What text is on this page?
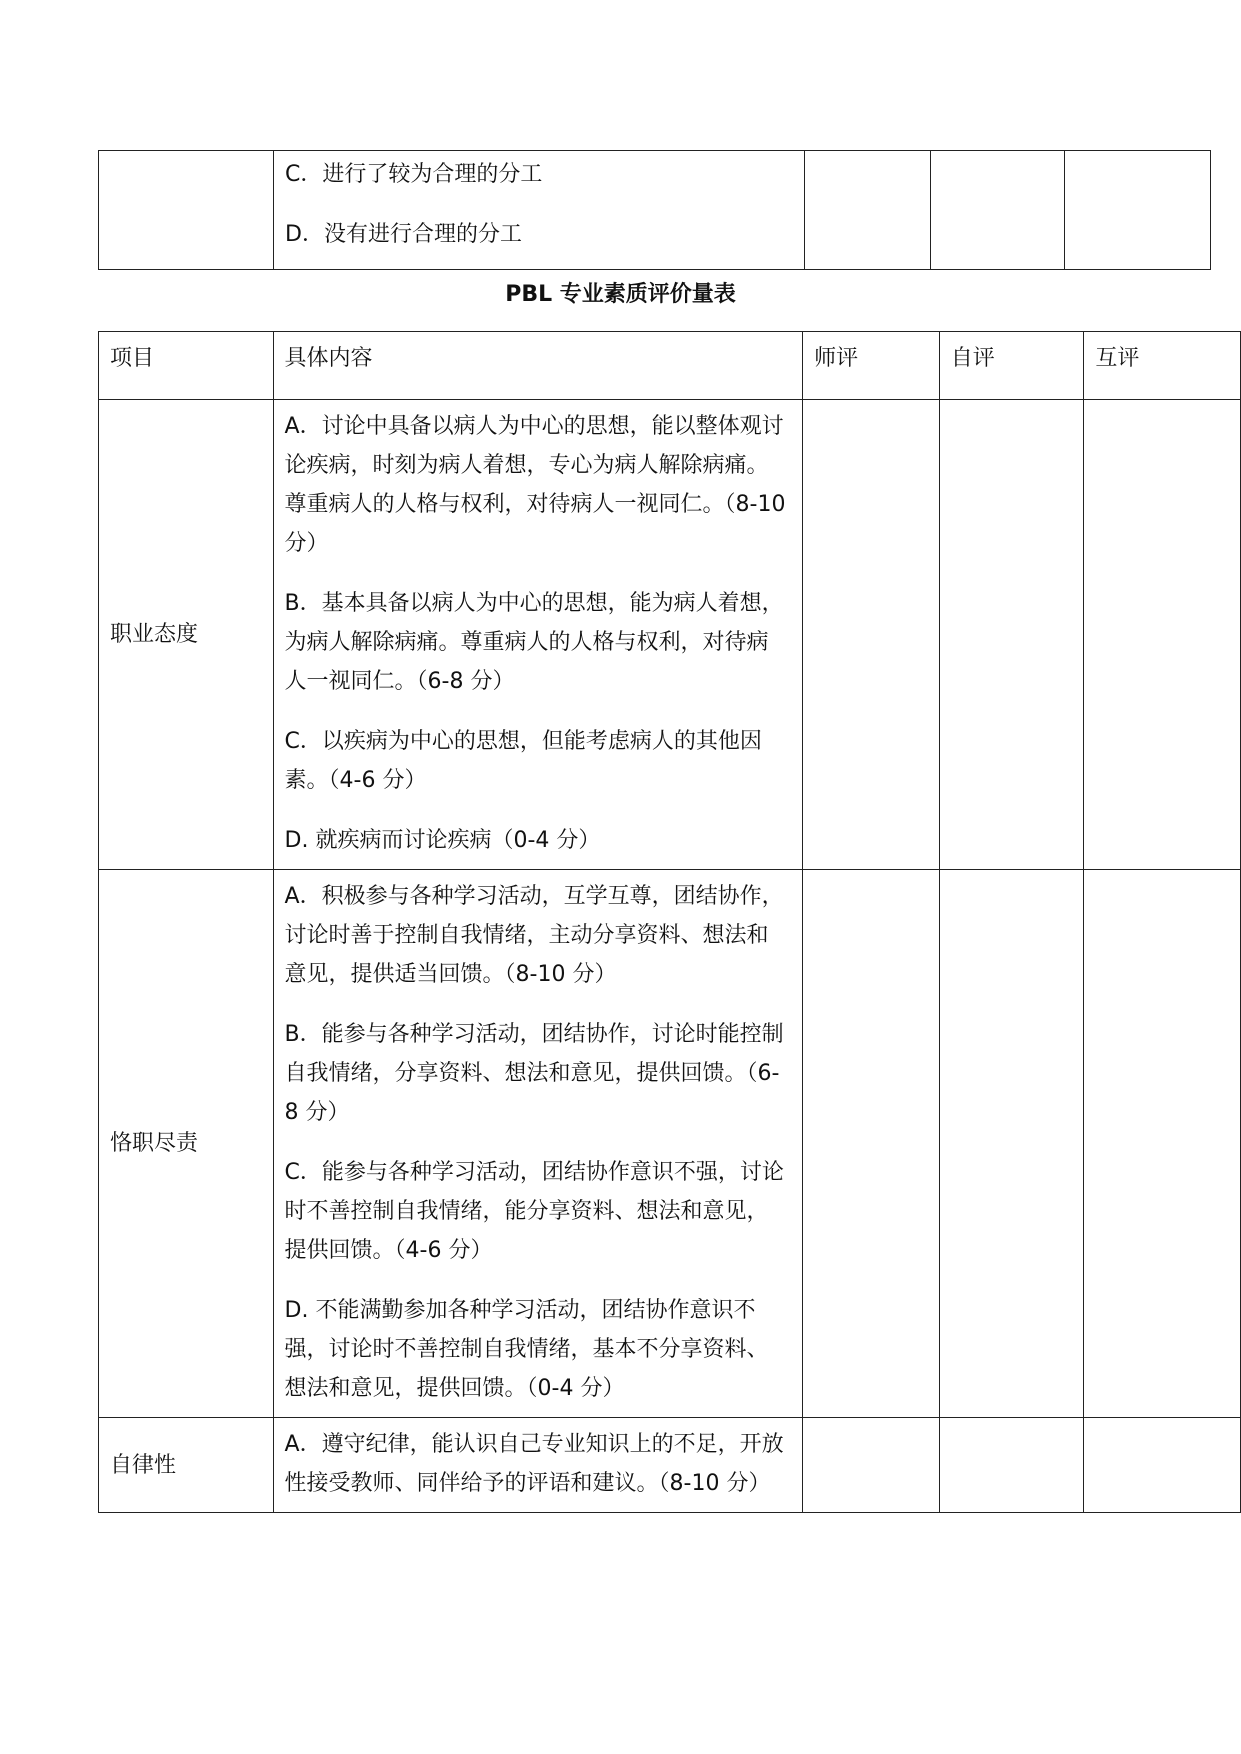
C．进行了较为合理的分工

D．没有进行合理的分工

PBL 专业素质评价量表
项目	具体内容	师评	自评	互评
职业态度	A．讨论中具备以病人为中心的思想，能以整体观讨论疾病，时刻为病人着想，专心为病人解除病痛。尊重病人的人格与权利，对待病人一视同仁。（8-10 分）

B．基本具备以病人为中心的思想，能为病人着想，为病人解除病痛。尊重病人的人格与权利，对待病人一视同仁。（6-8 分）

C．以疾病为中心的思想，但能考虑病人的其他因素。（4-6 分）

D. 就疾病而讨论疾病（0-4 分）			

恪职尽责	A．积极参与各种学习活动，互学互尊，团结协作，讨论时善于控制自我情绪，主动分享资料、想法和意见，提供适当回馈。（8-10 分）

B．能参与各种学习活动，团结协作，讨论时能控制自我情绪，分享资料、想法和意见，提供回馈。（6-8 分）

C．能参与各种学习活动，团结协作意识不强，讨论时不善控制自我情绪，能分享资料、想法和意见，提供回馈。（4-6 分）

D. 不能满勤参加各种学习活动，团结协作意识不强，讨论时不善控制自我情绪，基本不分享资料、想法和意见，提供回馈。（0-4 分）			

自律性	A．遵守纪律，能认识自己专业知识上的不足，开放性接受教师、同伴给予的评语和建议。（8-10 分）			
